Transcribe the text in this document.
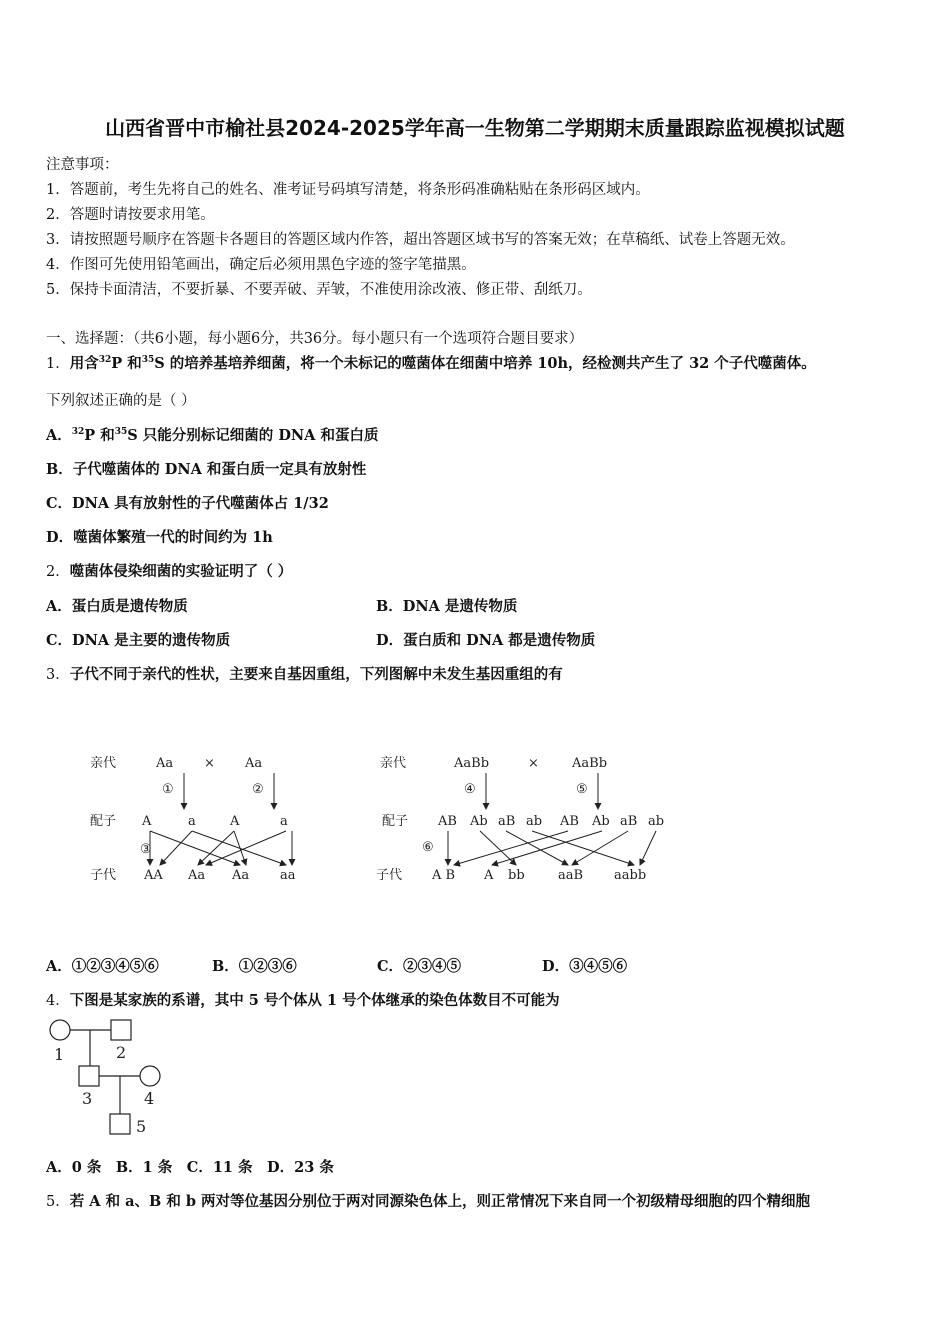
山西省晋中市榆社县2024-2025学年高一生物第二学期期末质量跟踪监视模拟试题
注意事项：
1．答题前，考生先将自己的姓名、准考证号码填写清楚，将条形码准确粘贴在条形码区域内。
2．答题时请按要求用笔。
3．请按照题号顺序在答题卡各题目的答题区域内作答，超出答题区域书写的答案无效；在草稿纸、试卷上答题无效。
4．作图可先使用铅笔画出，确定后必须用黑色字迹的签字笔描黑。
5．保持卡面清洁，不要折暴、不要弄破、弄皱，不准使用涂改液、修正带、刮纸刀。
一、选择题：（共6小题，每小题6分，共36分。每小题只有一个选项符合题目要求）
1．用含$^{32}$P 和$^{35}$S 的培养基培养细菌，将一个未标记的噬菌体在细菌中培养 10h，经检测共产生了 32 个子代噬菌体。
下列叙述正确的是（ ）
A．$^{32}$P 和$^{35}$S 只能分别标记细菌的 DNA 和蛋白质
B．子代噬菌体的 DNA 和蛋白质一定具有放射性
C．DNA 具有放射性的子代噬菌体占 1/32
D．噬菌体繁殖一代的时间约为 1h
2．噬菌体侵染细菌的实验证明了（ ）
A．蛋白质是遗传物质	B．DNA 是遗传物质
C．DNA 是主要的遗传物质	D．蛋白质和 DNA 都是遗传物质
3．子代不同于亲代的性状，主要来自基因重组，下列图解中未发生基因重组的有
亲代	Aa × Aa
①	②
配子 A	a	A	a
③
子代 AA Aa Aa aa
亲代	AaBb	×	AaBb
④	⑤
配子 AB Ab aB ab AB Ab aB ab
⑥
子代 A B A bb	aaB aabb
A．①②③④⑤⑥	B．①②③⑥	C．②③④⑤	D．③④⑤⑥
4．下图是某家族的系谱，其中 5 号个体从 1 号个体继承的染色体数目不可能为
1	2
3	4
5
A．0 条　B．1 条　C．11 条　D．23 条
5．若 A 和 a、B 和 b 两对等位基因分别位于两对同源染色体上，则正常情况下来自同一个初级精母细胞的四个精细胞
